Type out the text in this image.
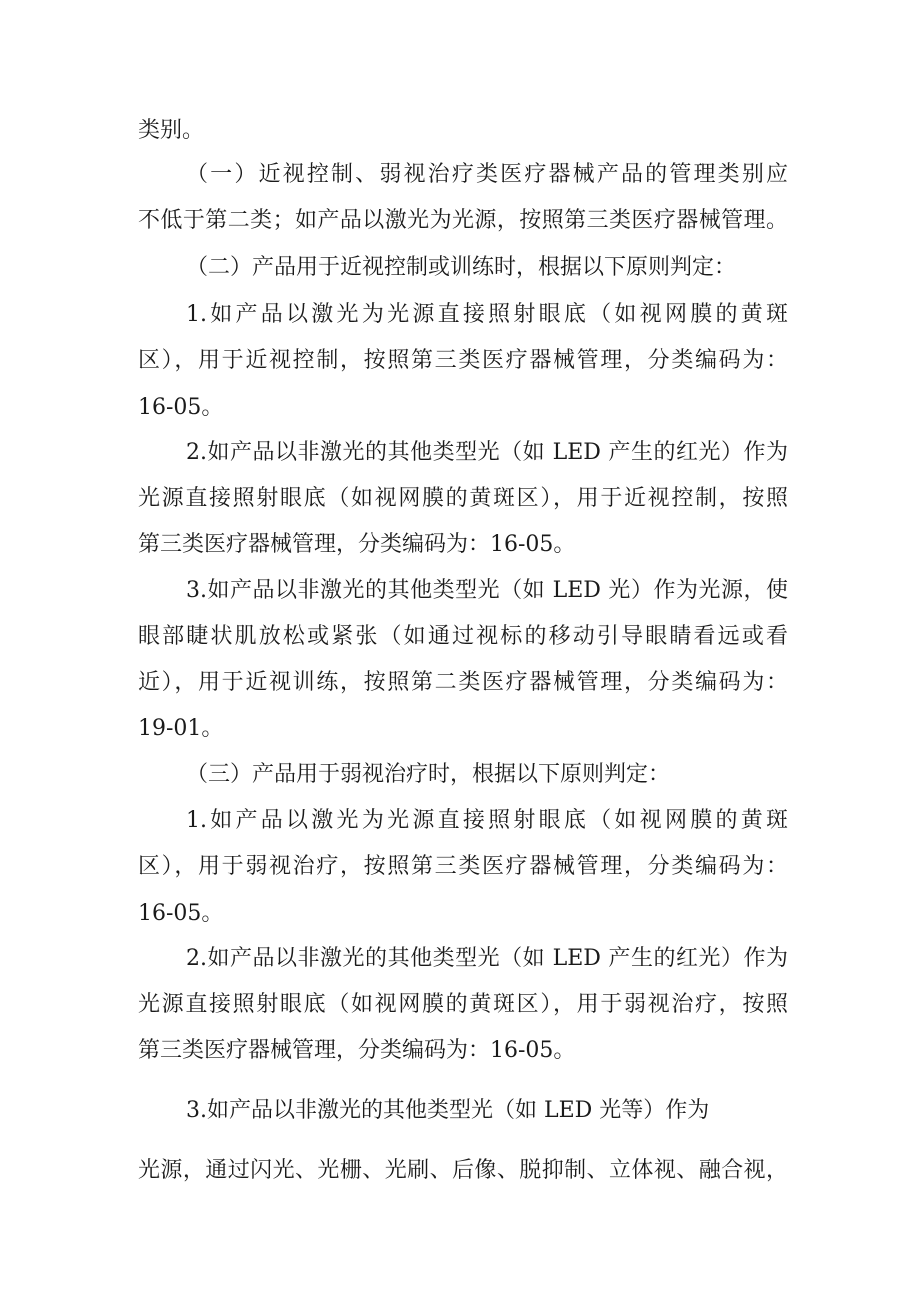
类别。

（一）近视控制、弱视治疗类医疗器械产品的管理类别应

不低于第二类；如产品以激光为光源，按照第三类医疗器械管理。

（二）产品用于近视控制或训练时，根据以下原则判定：

1.如产品以激光为光源直接照射眼底（如视网膜的黄斑

区），用于近视控制，按照第三类医疗器械管理，分类编码为：

16-05。

2.如产品以非激光的其他类型光（如 LED 产生的红光）作为

光源直接照射眼底（如视网膜的黄斑区），用于近视控制，按照

第三类医疗器械管理，分类编码为：16-05。

3.如产品以非激光的其他类型光（如 LED 光）作为光源，使

眼部睫状肌放松或紧张（如通过视标的移动引导眼睛看远或看

近），用于近视训练，按照第二类医疗器械管理，分类编码为：

19-01。

（三）产品用于弱视治疗时，根据以下原则判定：

1.如产品以激光为光源直接照射眼底（如视网膜的黄斑

区），用于弱视治疗，按照第三类医疗器械管理，分类编码为：

16-05。

2.如产品以非激光的其他类型光（如 LED 产生的红光）作为

光源直接照射眼底（如视网膜的黄斑区），用于弱视治疗，按照

第三类医疗器械管理，分类编码为：16-05。

3.如产品以非激光的其他类型光（如 LED 光等）作为

光源，通过闪光、光栅、光刷、后像、脱抑制、立体视、融合视，
